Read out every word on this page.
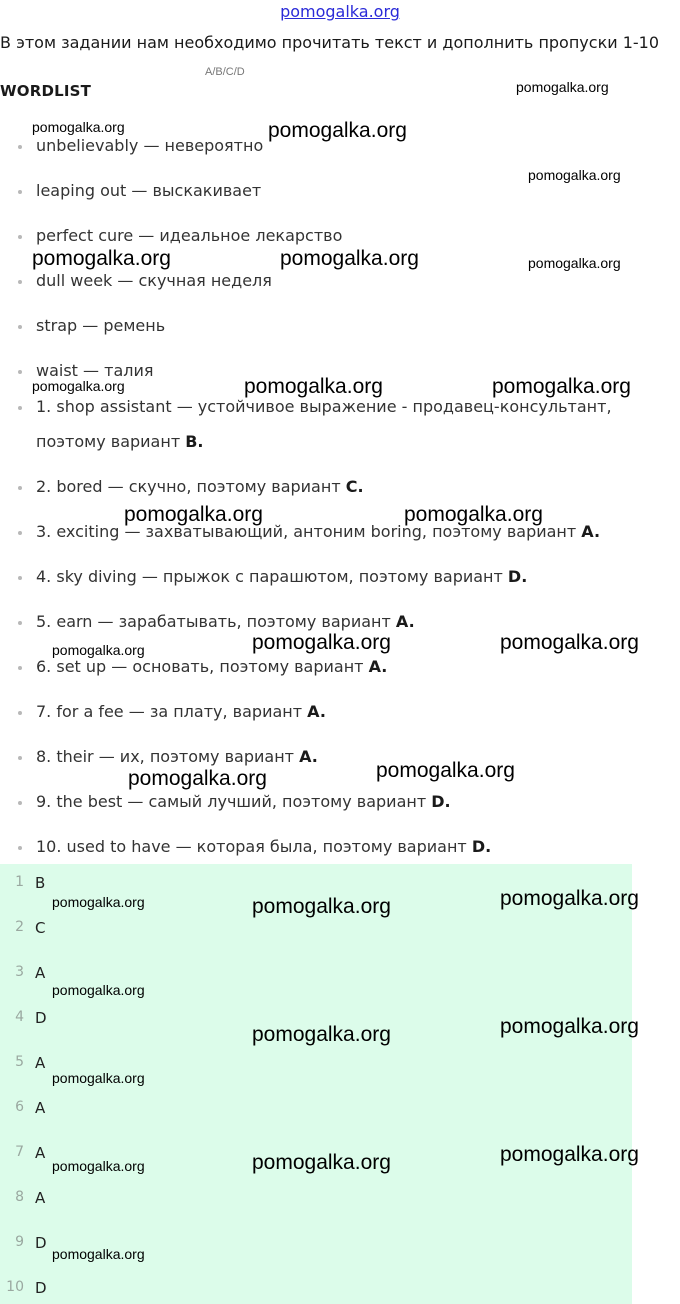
pomogalka.org
В этом задании нам необходимо прочитать текст и дополнить пропуски 1-10
A/B/C/D
WORDLIST
unbelievably — невероятно
leaping out — выскакивает
perfect cure — идеальное лекарство
dull week — скучная неделя
strap — ремень
waist — талия
1. shop assistant — устойчивое выражение - продавец-консультант,
поэтому вариант B.
2. bored — скучно, поэтому вариант C.
3. exciting — захватывающий, антоним boring, поэтому вариант A.
4. sky diving — прыжок с парашютом, поэтому вариант D.
5. earn — зарабатывать, поэтому вариант A.
6. set up — основать, поэтому вариант A.
7. for a fee — за плату, вариант A.
8. their — их, поэтому вариант A.
9. the best — самый лучший, поэтому вариант D.
10. used to have — которая была, поэтому вариант D.
1 B
2 C
3 A
4 D
5 A
6 A
7 A
8 A
9 D
10 D
pomogalka.org
pomogalka.org	pomogalka.org
pomogalka.org
pomogalka.org	pomogalka.org	pomogalka.org
pomogalka.org	pomogalka.org	pomogalka.org
pomogalka.org	pomogalka.org
pomogalka.org	pomogalka.org	pomogalka.org
pomogalka.org	pomogalka.org
pomogalka.org	pomogalka.org	pomogalka.org
pomogalka.org
pomogalka.org	pomogalka.org
pomogalka.org
pomogalka.org	pomogalka.org	pomogalka.org
pomogalka.org
